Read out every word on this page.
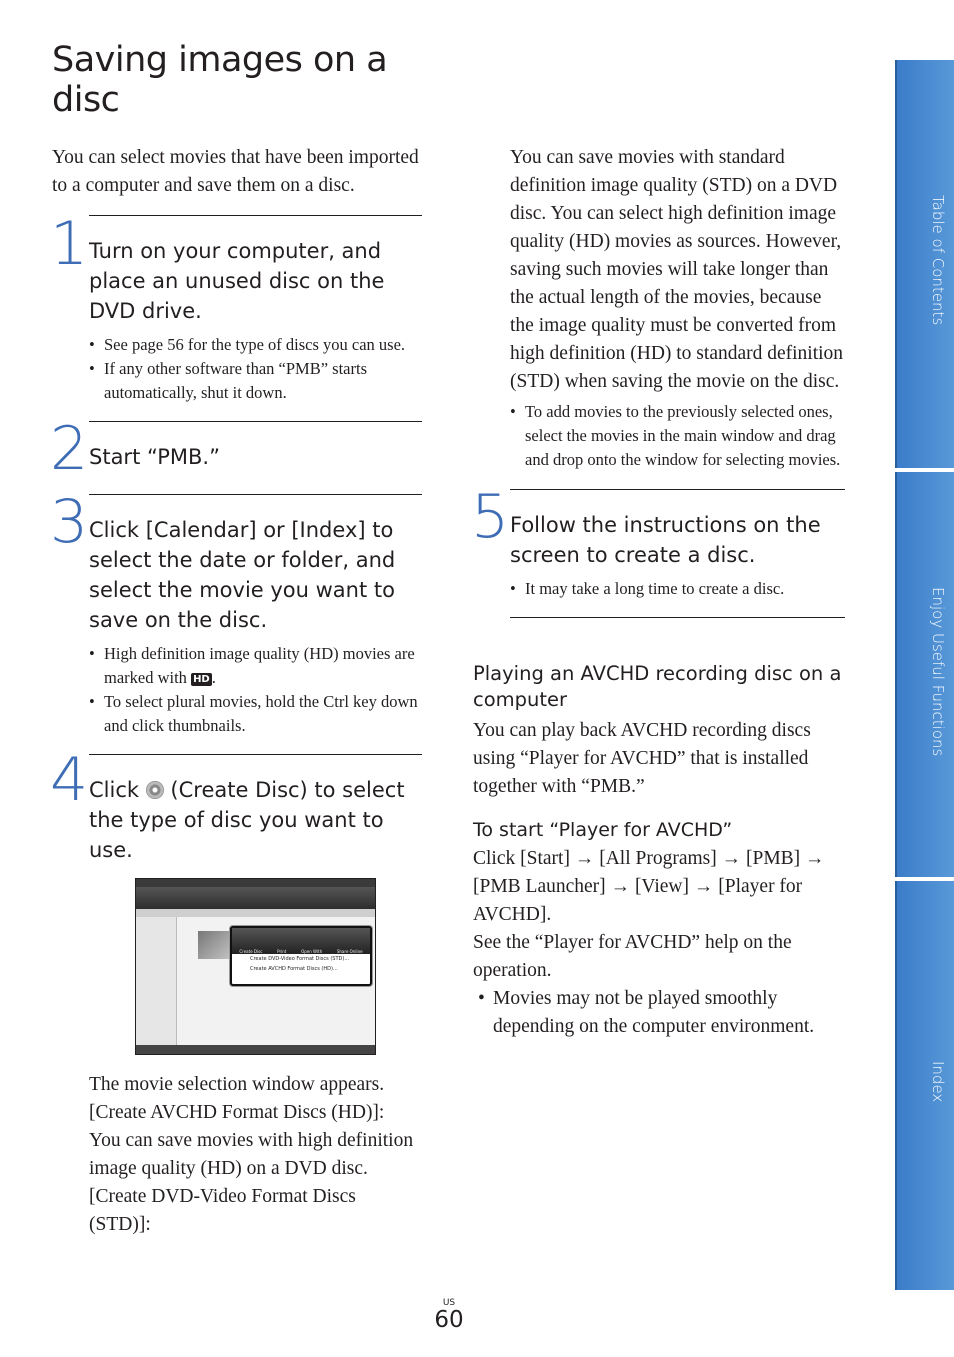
Saving images on a disc

You can select movies that have been imported to a computer and save them on a disc.

1 Turn on your computer, and place an unused disc on the DVD drive.

• See page 56 for the type of discs you can use.
• If any other software than “PMB” starts automatically, shut it down.
2 Start “PMB.”

3 Click [Calendar] or [Index] to select the date or folder, and select the movie you want to save on the disc.

• High definition image quality (HD) movies are marked with HD .
• To select plural movies, hold the Ctrl key down and click thumbnails.
4 Click (Create Disc) to select the type of disc you want to use.

The movie selection window appears.

[Create AVCHD Format Discs (HD)]:

You can save movies with high definition image quality (HD) on a DVD disc.

[Create DVD-Video Format Discs (STD)]:

Create Disc	Print	Open With	Share Online
Create DVD-Video Format Discs (STD)...
Create AVCHD Format Discs (HD)...

You can save movies with standard definition image quality (STD) on a DVD disc. You can select high definition image quality (HD) movies as sources. However, saving such movies will take longer than the actual length of the movies, because the image quality must be converted from high definition (HD) to standard definition (STD) when saving the movie on the disc.

• To add movies to the previously selected ones, select the movies in the main window and drag and drop onto the window for selecting movies.
5 Follow the instructions on the screen to create a disc.

• It may take a long time to create a disc.
Playing an AVCHD recording disc on a computer

You can play back AVCHD recording discs using “Player for AVCHD” that is installed together with “PMB.”

To start “Player for AVCHD”

Click [Start] → [All Programs] → [PMB] → [PMB Launcher] → [View] → [Player for AVCHD].

See the “Player for AVCHD” help on the operation.

• Movies may not be played smoothly depending on the computer environment.
Table of Contents
Enjoy Useful Functions
Index
US
60
